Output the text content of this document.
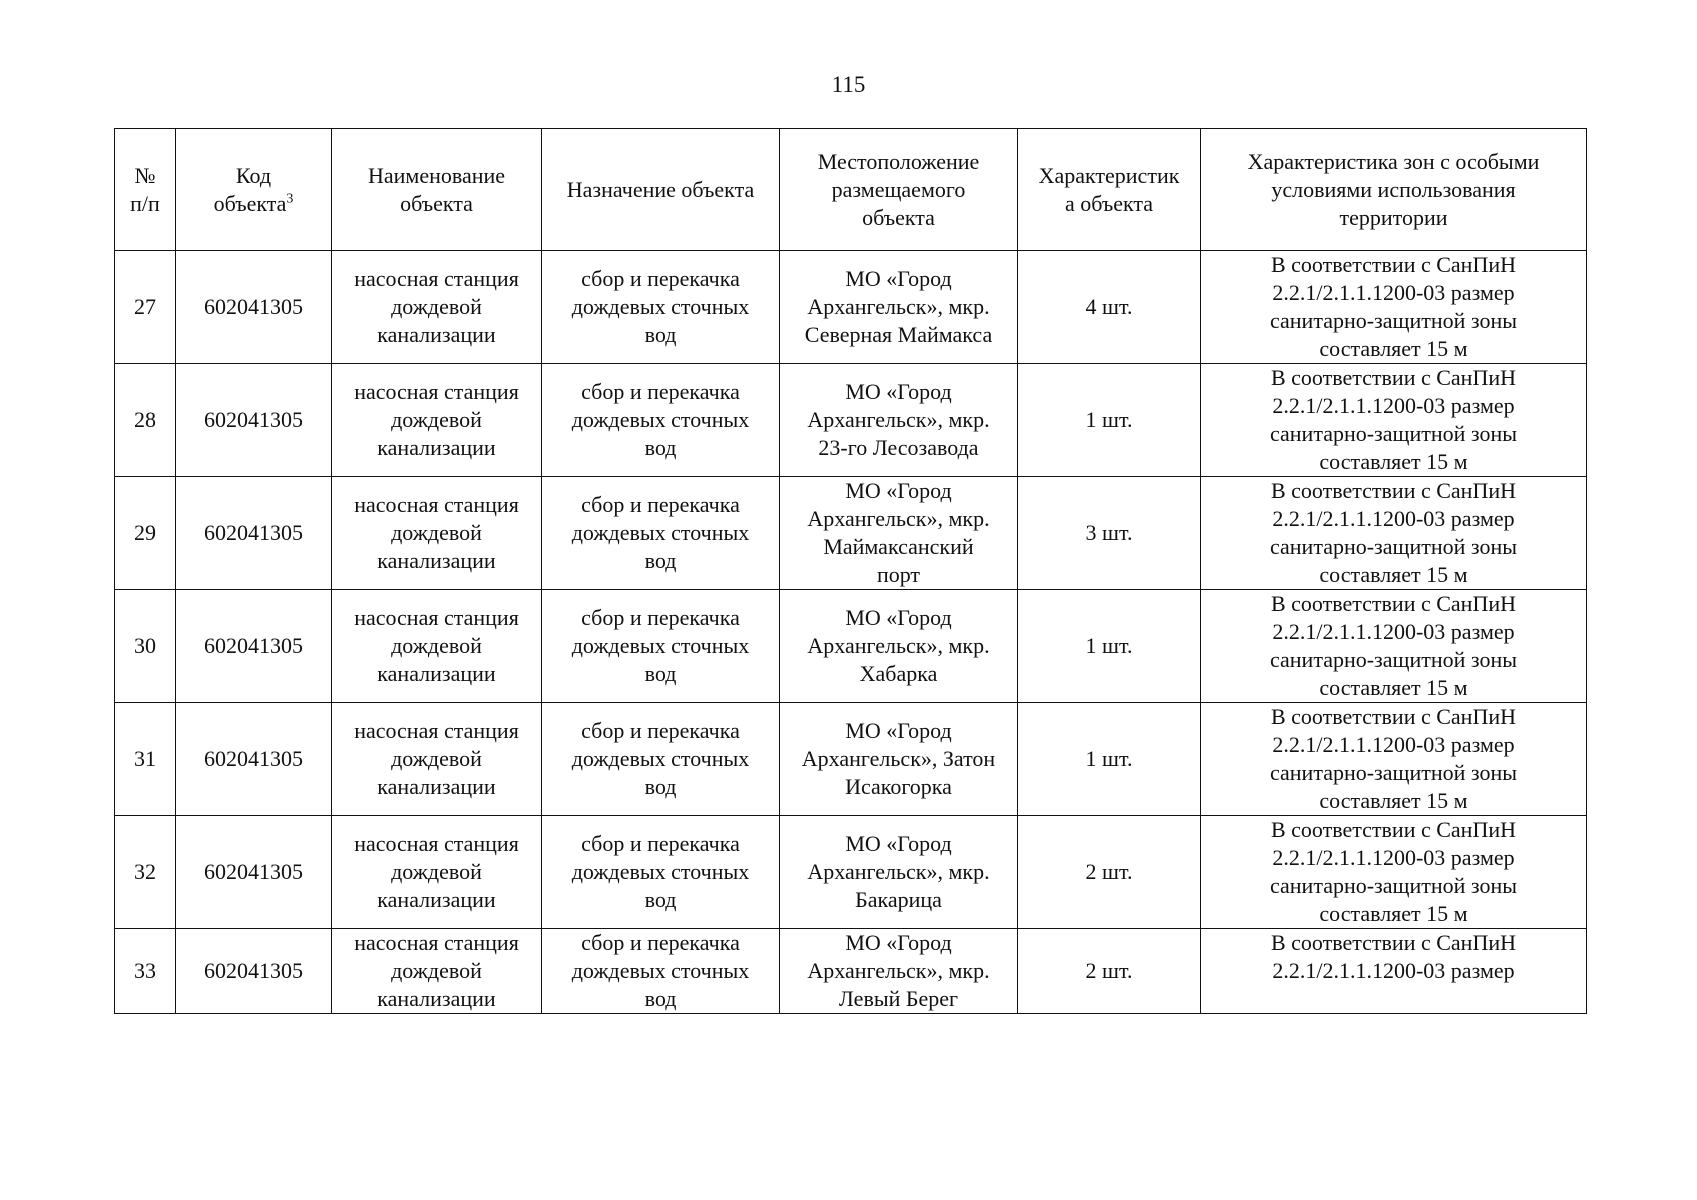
115
№
п/п	Код
объекта$^3$	Наименование
объекта	Назначение объекта	Местоположение
размещаемого
объекта	Характеристик
а объекта	Характеристика зон с особыми
условиями использования
территории

27	602041305	насосная станция
дождевой
канализации	сбор и перекачка
дождевых сточных
вод	МО «Город
Архангельск», мкр.
Северная Маймакса	4 шт.	В соответствии с СанПиН
2.2.1/2.1.1.1200-03 размер
санитарно-защитной зоны
составляет 15 м

28	602041305	насосная станция
дождевой
канализации	сбор и перекачка
дождевых сточных
вод	МО «Город
Архангельск», мкр.
23-го Лесозавода	1 шт.	В соответствии с СанПиН
2.2.1/2.1.1.1200-03 размер
санитарно-защитной зоны
составляет 15 м

29	602041305	насосная станция
дождевой
канализации	сбор и перекачка
дождевых сточных
вод	МО «Город
Архангельск», мкр.
Маймаксанский
порт	3 шт.	В соответствии с СанПиН
2.2.1/2.1.1.1200-03 размер
санитарно-защитной зоны
составляет 15 м

30	602041305	насосная станция
дождевой
канализации	сбор и перекачка
дождевых сточных
вод	МО «Город
Архангельск», мкр.
Хабарка	1 шт.	В соответствии с СанПиН
2.2.1/2.1.1.1200-03 размер
санитарно-защитной зоны
составляет 15 м

31	602041305	насосная станция
дождевой
канализации	сбор и перекачка
дождевых сточных
вод	МО «Город
Архангельск», Затон
Исакогорка	1 шт.	В соответствии с СанПиН
2.2.1/2.1.1.1200-03 размер
санитарно-защитной зоны
составляет 15 м

32	602041305	насосная станция
дождевой
канализации	сбор и перекачка
дождевых сточных
вод	МО «Город
Архангельск», мкр.
Бакарица	2 шт.	В соответствии с СанПиН
2.2.1/2.1.1.1200-03 размер
санитарно-защитной зоны
составляет 15 м

33	602041305	насосная станция
дождевой
канализации	сбор и перекачка
дождевых сточных
вод	МО «Город
Архангельск», мкр.
Левый Берег	2 шт.	В соответствии с СанПиН
2.2.1/2.1.1.1200-03 размер
